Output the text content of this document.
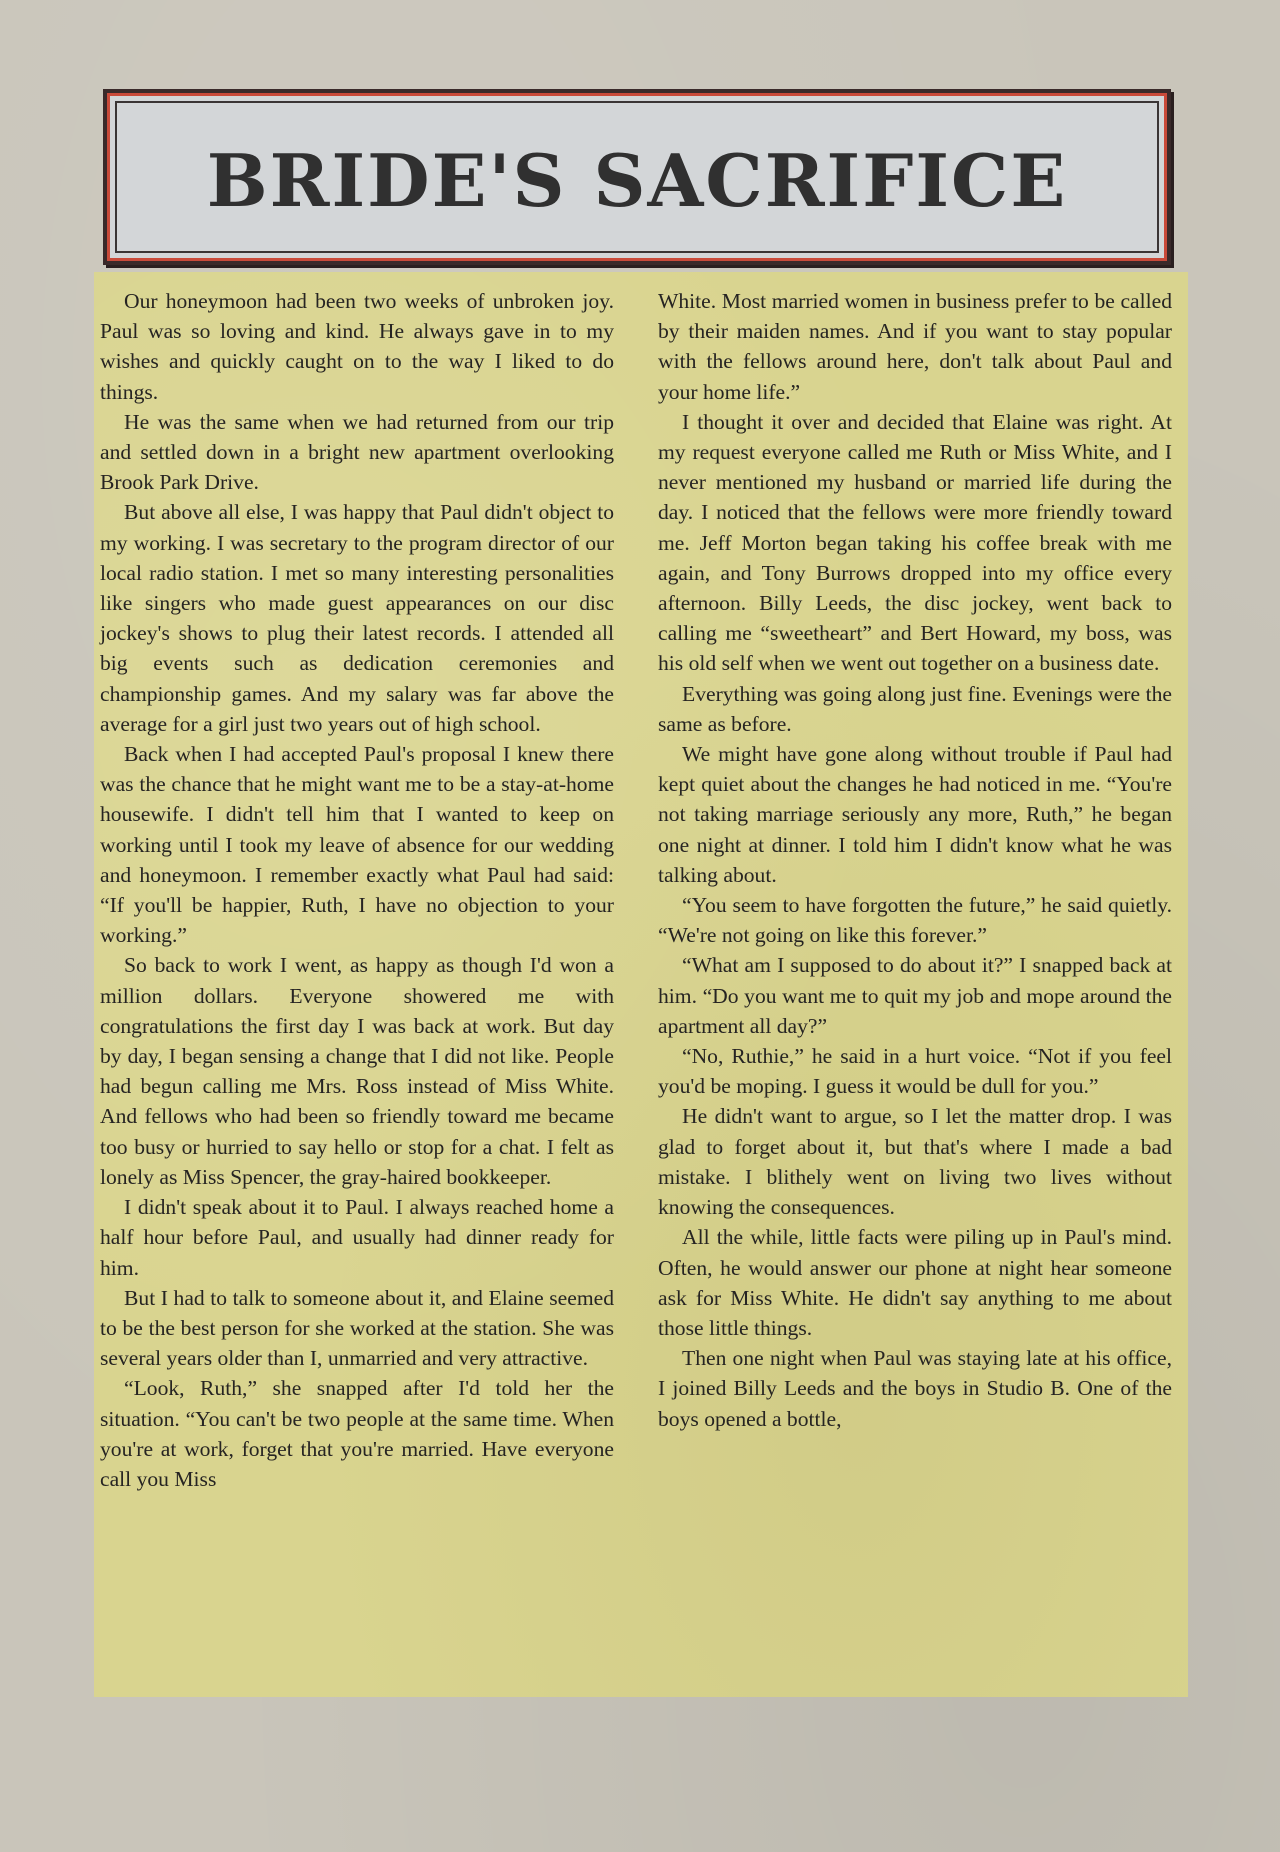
BRIDE'S SACRIFICE

Our honeymoon had been two weeks of unbroken joy. Paul was so loving and kind. He always gave in to my wishes and quickly caught on to the way I liked to do things.

He was the same when we had returned from our trip and settled down in a bright new apartment overlooking Brook Park Drive.

But above all else, I was happy that Paul didn't object to my working. I was secretary to the program director of our local radio station. I met so many interesting personalities like singers who made guest appearances on our disc jockey's shows to plug their latest records. I attended all big events such as dedication ceremonies and championship games. And my salary was far above the average for a girl just two years out of high school.

Back when I had accepted Paul's proposal I knew there was the chance that he might want me to be a stay-at-home housewife. I didn't tell him that I wanted to keep on working until I took my leave of absence for our wedding and honeymoon. I remember exactly what Paul had said: “If you'll be happier, Ruth, I have no objection to your working.”

So back to work I went, as happy as though I'd won a million dollars. Everyone showered me with congratulations the first day I was back at work. But day by day, I began sensing a change that I did not like. People had begun calling me Mrs. Ross instead of Miss White. And fellows who had been so friendly toward me became too busy or hurried to say hello or stop for a chat. I felt as lonely as Miss Spencer, the gray-haired bookkeeper.

I didn't speak about it to Paul. I always reached home a half hour before Paul, and usually had dinner ready for him.

But I had to talk to someone about it, and Elaine seemed to be the best person for she worked at the station. She was several years older than I, unmarried and very attractive.

“Look, Ruth,” she snapped after I'd told her the situation. “You can't be two people at the same time. When you're at work, forget that you're married. Have everyone call you Miss

White. Most married women in business prefer to be called by their maiden names. And if you want to stay popular with the fellows around here, don't talk about Paul and your home life.”

I thought it over and decided that Elaine was right. At my request everyone called me Ruth or Miss White, and I never mentioned my husband or married life during the day. I noticed that the fellows were more friendly toward me. Jeff Morton began taking his coffee break with me again, and Tony Burrows dropped into my office every afternoon. Billy Leeds, the disc jockey, went back to calling me “sweetheart” and Bert Howard, my boss, was his old self when we went out together on a business date.

Everything was going along just fine. Evenings were the same as before.

We might have gone along without trouble if Paul had kept quiet about the changes he had noticed in me. “You're not taking marriage seriously any more, Ruth,” he began one night at dinner. I told him I didn't know what he was talking about.

“You seem to have forgotten the future,” he said quietly. “We're not going on like this forever.”

“What am I supposed to do about it?” I snapped back at him. “Do you want me to quit my job and mope around the apartment all day?”

“No, Ruthie,” he said in a hurt voice. “Not if you feel you'd be moping. I guess it would be dull for you.”

He didn't want to argue, so I let the matter drop. I was glad to forget about it, but that's where I made a bad mistake. I blithely went on living two lives without knowing the consequences.

All the while, little facts were piling up in Paul's mind. Often, he would answer our phone at night hear someone ask for Miss White. He didn't say anything to me about those little things.

Then one night when Paul was staying late at his office, I joined Billy Leeds and the boys in Studio B. One of the boys opened a bottle,
